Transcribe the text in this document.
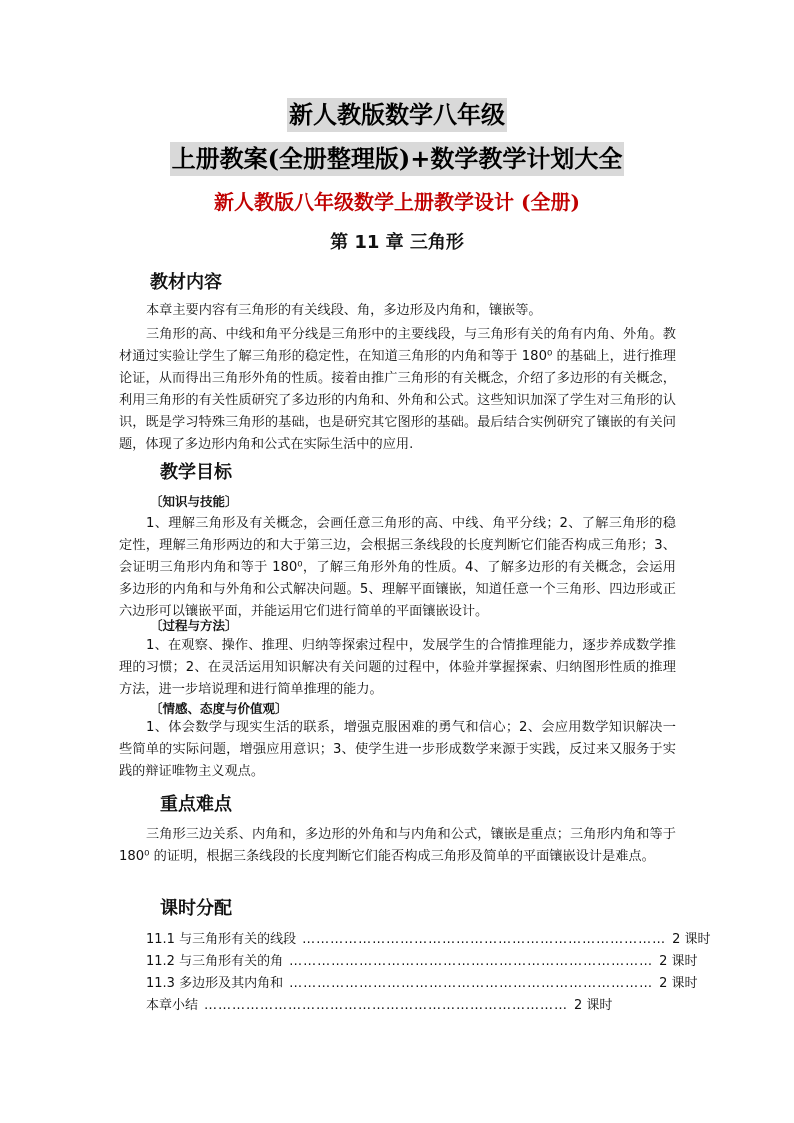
新人教版数学八年级
上册教案(全册整理版)+数学教学计划大全
新人教版八年级数学上册教学设计 (全册)
第 11 章 三角形
教材内容
本章主要内容有三角形的有关线段、角，多边形及内角和，镶嵌等。
三角形的高、中线和角平分线是三角形中的主要线段，与三角形有关的角有内角、外角。教材通过实验让学生了解三角形的稳定性，在知道三角形的内角和等于 180⁰ 的基础上，进行推理论证，从而得出三角形外角的性质。接着由推广三角形的有关概念，介绍了多边形的有关概念，利用三角形的有关性质研究了多边形的内角和、外角和公式。这些知识加深了学生对三角形的认识，既是学习特殊三角形的基础，也是研究其它图形的基础。最后结合实例研究了镶嵌的有关问题，体现了多边形内角和公式在实际生活中的应用.
教学目标
〔知识与技能〕
1、理解三角形及有关概念，会画任意三角形的高、中线、角平分线；2、了解三角形的稳定性，理解三角形两边的和大于第三边，会根据三条线段的长度判断它们能否构成三角形；3、会证明三角形内角和等于 180⁰，了解三角形外角的性质。4、了解多边形的有关概念，会运用多边形的内角和与外角和公式解决问题。5、理解平面镶嵌，知道任意一个三角形、四边形或正六边形可以镶嵌平面，并能运用它们进行简单的平面镶嵌设计。
〔过程与方法〕
1、在观察、操作、推理、归纳等探索过程中，发展学生的合情推理能力，逐步养成数学推理的习惯；2、在灵活运用知识解决有关问题的过程中，体验并掌握探索、归纳图形性质的推理方法，进一步培说理和进行简单推理的能力。
〔情感、态度与价值观〕
1、体会数学与现实生活的联系，增强克服困难的勇气和信心；2、会应用数学知识解决一些简单的实际问题，增强应用意识；3、使学生进一步形成数学来源于实践，反过来又服务于实践的辩证唯物主义观点。
重点难点
三角形三边关系、内角和，多边形的外角和与内角和公式，镶嵌是重点；三角形内角和等于 180⁰ 的证明，根据三条线段的长度判断它们能否构成三角形及简单的平面镶嵌设计是难点。
课时分配
11.1 与三角形有关的线段 …………………………………………………………………… 2 课时
11.2 与三角形有关的角 …………………………………………………………………… 2 课时
11.3 多边形及其内角和 …………………………………………………………………… 2 课时
本章小结 …………………………………………………………………… 2 课时
